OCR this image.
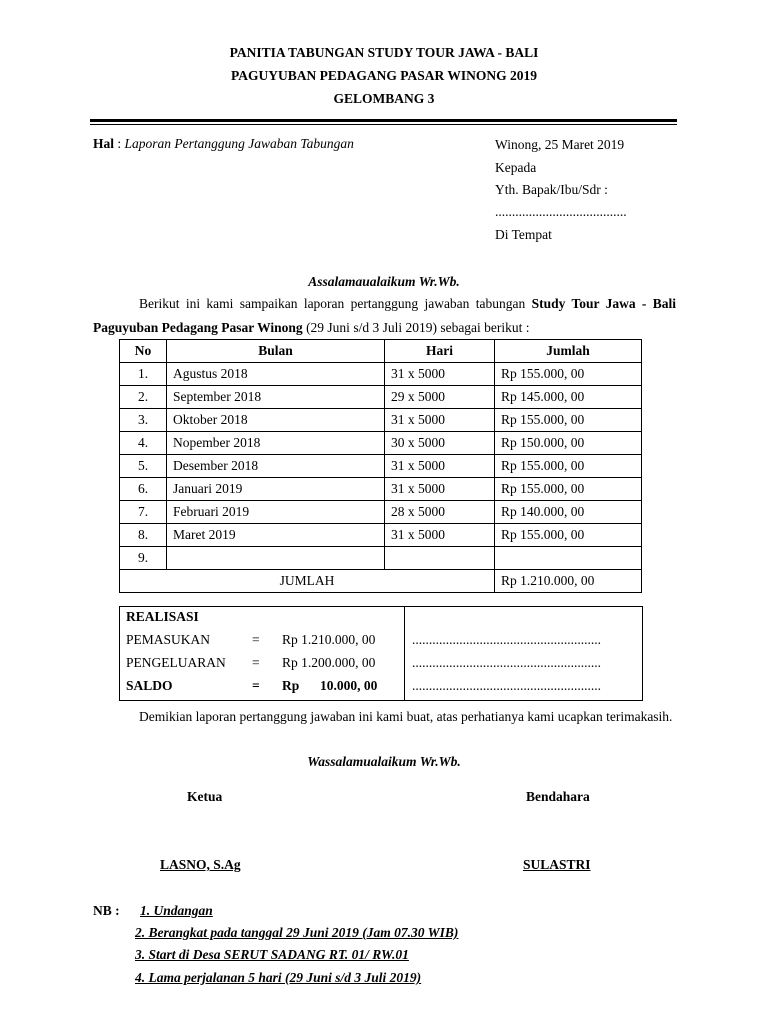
PANITIA TABUNGAN STUDY TOUR JAWA - BALI
PAGUYUBAN PEDAGANG PASAR WINONG 2019
GELOMBANG 3
Hal : Laporan Pertanggung Jawaban Tabungan	Winong, 25 Maret 2019
Kepada
Yth. Bapak/Ibu/Sdr :
.......................................
Di Tempat
Assalamaualaikum Wr.Wb.
Berikut ini kami sampaikan laporan pertanggung jawaban tabungan Study Tour Jawa - Bali Paguyuban Pedagang Pasar Winong (29 Juni s/d 3 Juli 2019) sebagai berikut :
No	Bulan	Hari	Jumlah
1.	Agustus 2018	31 x 5000	Rp 155.000, 00
2.	September 2018	29 x 5000	Rp 145.000, 00
3.	Oktober 2018	31 x 5000	Rp 155.000, 00
4.	Nopember 2018	30 x 5000	Rp 150.000, 00
5.	Desember 2018	31 x 5000	Rp 155.000, 00
6.	Januari 2019	31 x 5000	Rp 155.000, 00
7.	Februari 2019	28 x 5000	Rp 140.000, 00
8.	Maret 2019	31 x 5000	Rp 155.000, 00
9.			
JUMLAH			Rp 1.210.000, 00
REALISASI
PEMASUKAN	= Rp 1.210.000, 00	........................................................
PENGELUARAN = Rp 1.200.000, 00	........................................................
SALDO	= Rp 10.000, 00	........................................................
Demikian laporan pertanggung jawaban ini kami buat, atas perhatianya kami ucapkan terimakasih.
Wassalamualaikum Wr.Wb.
Ketua	Bendahara
LASNO, S.Ag	SULASTRI
NB : 1. Undangan
2. Berangkat pada tanggal 29 Juni 2019 (Jam 07.30 WIB)
3. Start di Desa SERUT SADANG RT. 01/ RW.01
4. Lama perjalanan 5 hari (29 Juni s/d 3 Juli 2019)
